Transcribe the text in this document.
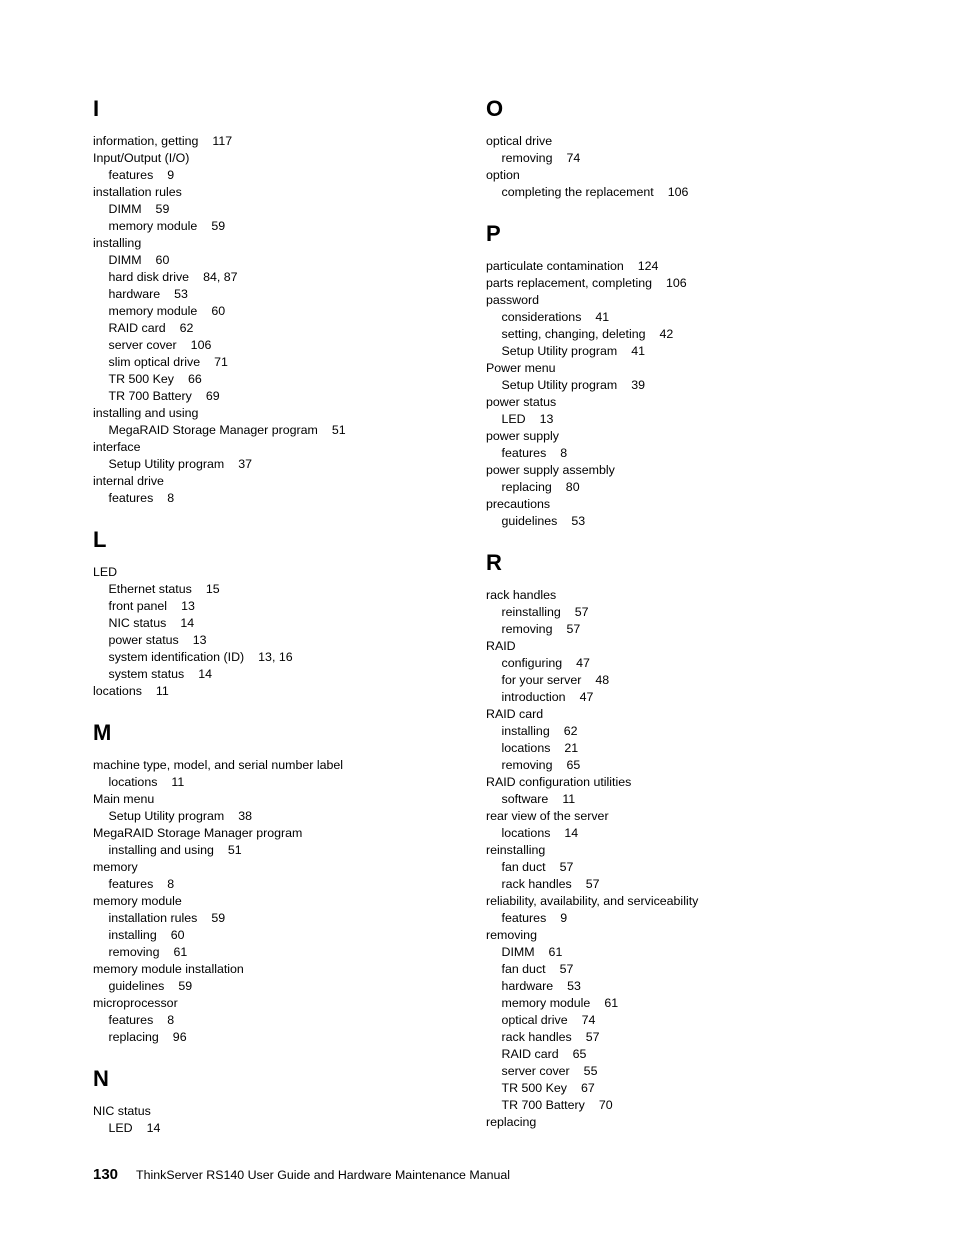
I
information, getting 117
Input/Output (I/O)
features 9
installation rules
DIMM 59
memory module 59
installing
DIMM 60
hard disk drive 84, 87
hardware 53
memory module 60
RAID card 62
server cover 106
slim optical drive 71
TR 500 Key 66
TR 700 Battery 69
installing and using
MegaRAID Storage Manager program 51
interface
Setup Utility program 37
internal drive
features 8
L
LED
Ethernet status 15
front panel 13
NIC status 14
power status 13
system identification (ID) 13, 16
system status 14
locations 11
M
machine type, model, and serial number label
locations 11
Main menu
Setup Utility program 38
MegaRAID Storage Manager program
installing and using 51
memory
features 8
memory module
installation rules 59
installing 60
removing 61
memory module installation
guidelines 59
microprocessor
features 8
replacing 96
N
NIC status
LED 14
O
optical drive
removing 74
option
completing the replacement 106
P
particulate contamination 124
parts replacement, completing 106
password
considerations 41
setting, changing, deleting 42
Setup Utility program 41
Power menu
Setup Utility program 39
power status
LED 13
power supply
features 8
power supply assembly
replacing 80
precautions
guidelines 53
R
rack handles
reinstalling 57
removing 57
RAID
configuring 47
for your server 48
introduction 47
RAID card
installing 62
locations 21
removing 65
RAID configuration utilities
software 11
rear view of the server
locations 14
reinstalling
fan duct 57
rack handles 57
reliability, availability, and serviceability
features 9
removing
DIMM 61
fan duct 57
hardware 53
memory module 61
optical drive 74
rack handles 57
RAID card 65
server cover 55
TR 500 Key 67
TR 700 Battery 70
replacing
130 ThinkServer RS140 User Guide and Hardware Maintenance Manual
